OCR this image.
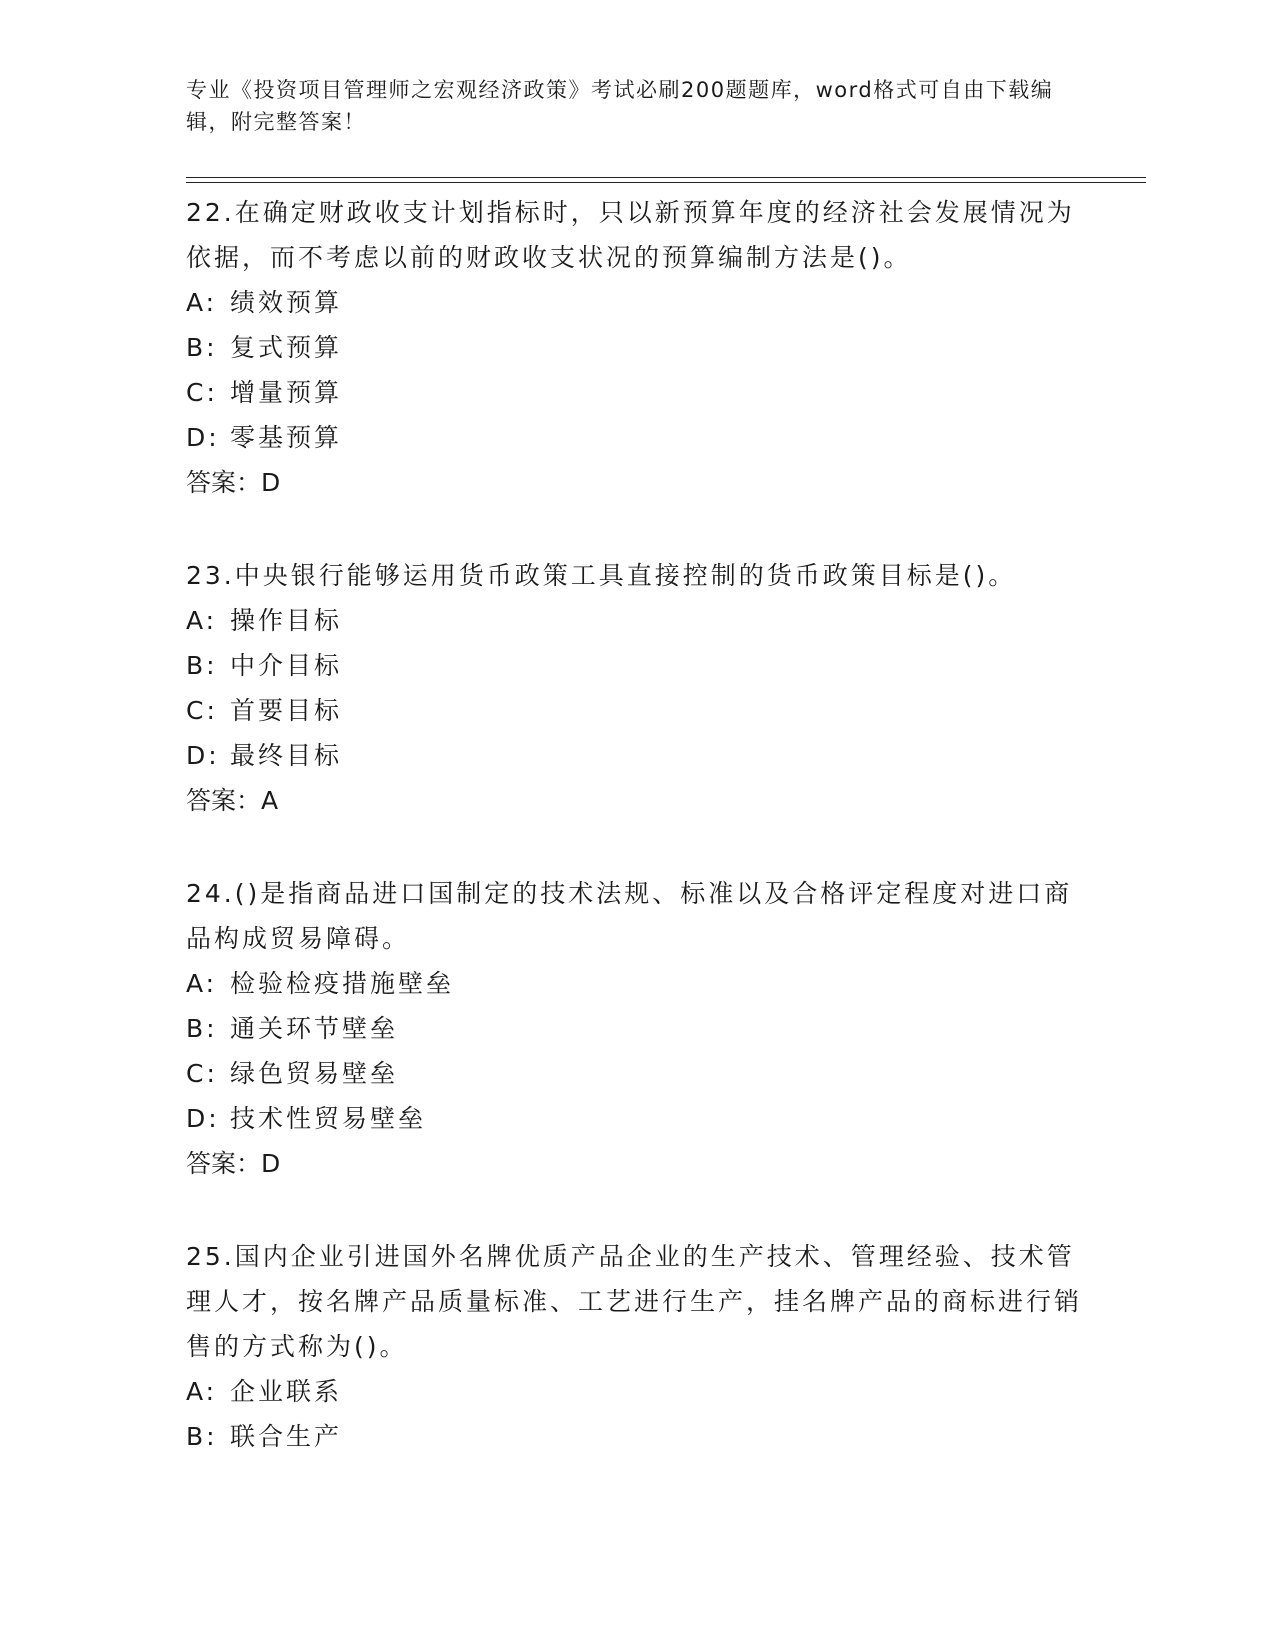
专业《投资项目管理师之宏观经济政策》考试必刷200题题库，word格式可自由下载编辑，附完整答案！

22.在确定财政收支计划指标时，只以新预算年度的经济社会发展情况为依据，而不考虑以前的财政收支状况的预算编制方法是()。

A: 绩效预算
B: 复式预算
C: 增量预算
D: 零基预算
答案：D

23.中央银行能够运用货币政策工具直接控制的货币政策目标是()。

A: 操作目标
B: 中介目标
C: 首要目标
D: 最终目标
答案：A

24.()是指商品进口国制定的技术法规、标准以及合格评定程度对进口商品构成贸易障碍。

A: 检验检疫措施壁垒
B: 通关环节壁垒
C: 绿色贸易壁垒
D: 技术性贸易壁垒
答案：D

25.国内企业引进国外名牌优质产品企业的生产技术、管理经验、技术管理人才，按名牌产品质量标准、工艺进行生产，挂名牌产品的商标进行销售的方式称为()。

A: 企业联系
B: 联合生产
